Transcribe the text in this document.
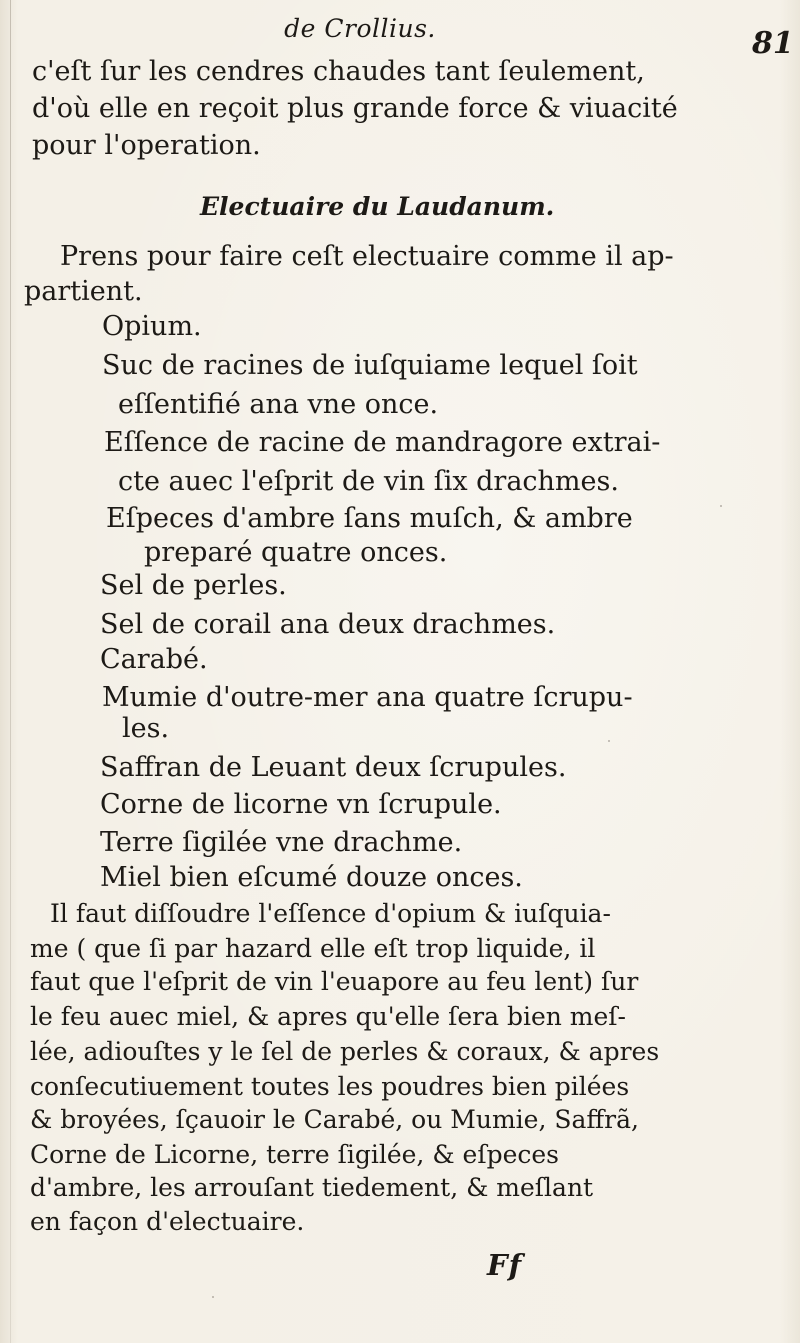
de Crollius.	81
c'eſt ſur les cendres chaudes tant ſeulement,
d'où elle en reçoit plus grande force & viuacité
pour l'operation.
Electuaire du Laudanum.
Prens pour faire ceſt electuaire comme il ap-
partient.
Opium.
Suc de racines de iuſquiame lequel ſoit
eſſentifié ana vne once.
Eſſence de racine de mandragore extrai-
cte auec l'eſprit de vin ſix drachmes.
Eſpeces d'ambre ſans muſch, & ambre
preparé quatre onces.
Sel de perles.
Sel de corail ana deux drachmes.
Carabé.
Mumie d'outre-mer ana quatre ſcrupu-
les.
Saffran de Leuant deux ſcrupules.
Corne de licorne vn ſcrupule.
Terre ſigilée vne drachme.
Miel bien eſcumé douze onces.
Il faut diſſoudre l'eſſence d'opium & iuſquia-
me ( que ſi par hazard elle eſt trop liquide, il
faut que l'eſprit de vin l'euapore au feu lent) ſur
le feu auec miel, & apres qu'elle ſera bien meſ-
lée, adiouſtes y le ſel de perles & coraux, & apres
conſecutiuement toutes les poudres bien pilées
& broyées, ſçauoir le Carabé, ou Mumie, Saffrã,
Corne de Licorne, terre ſigilée, & eſpeces
d'ambre, les arrouſant tiedement, & meſlant
en façon d'electuaire.
Ff
